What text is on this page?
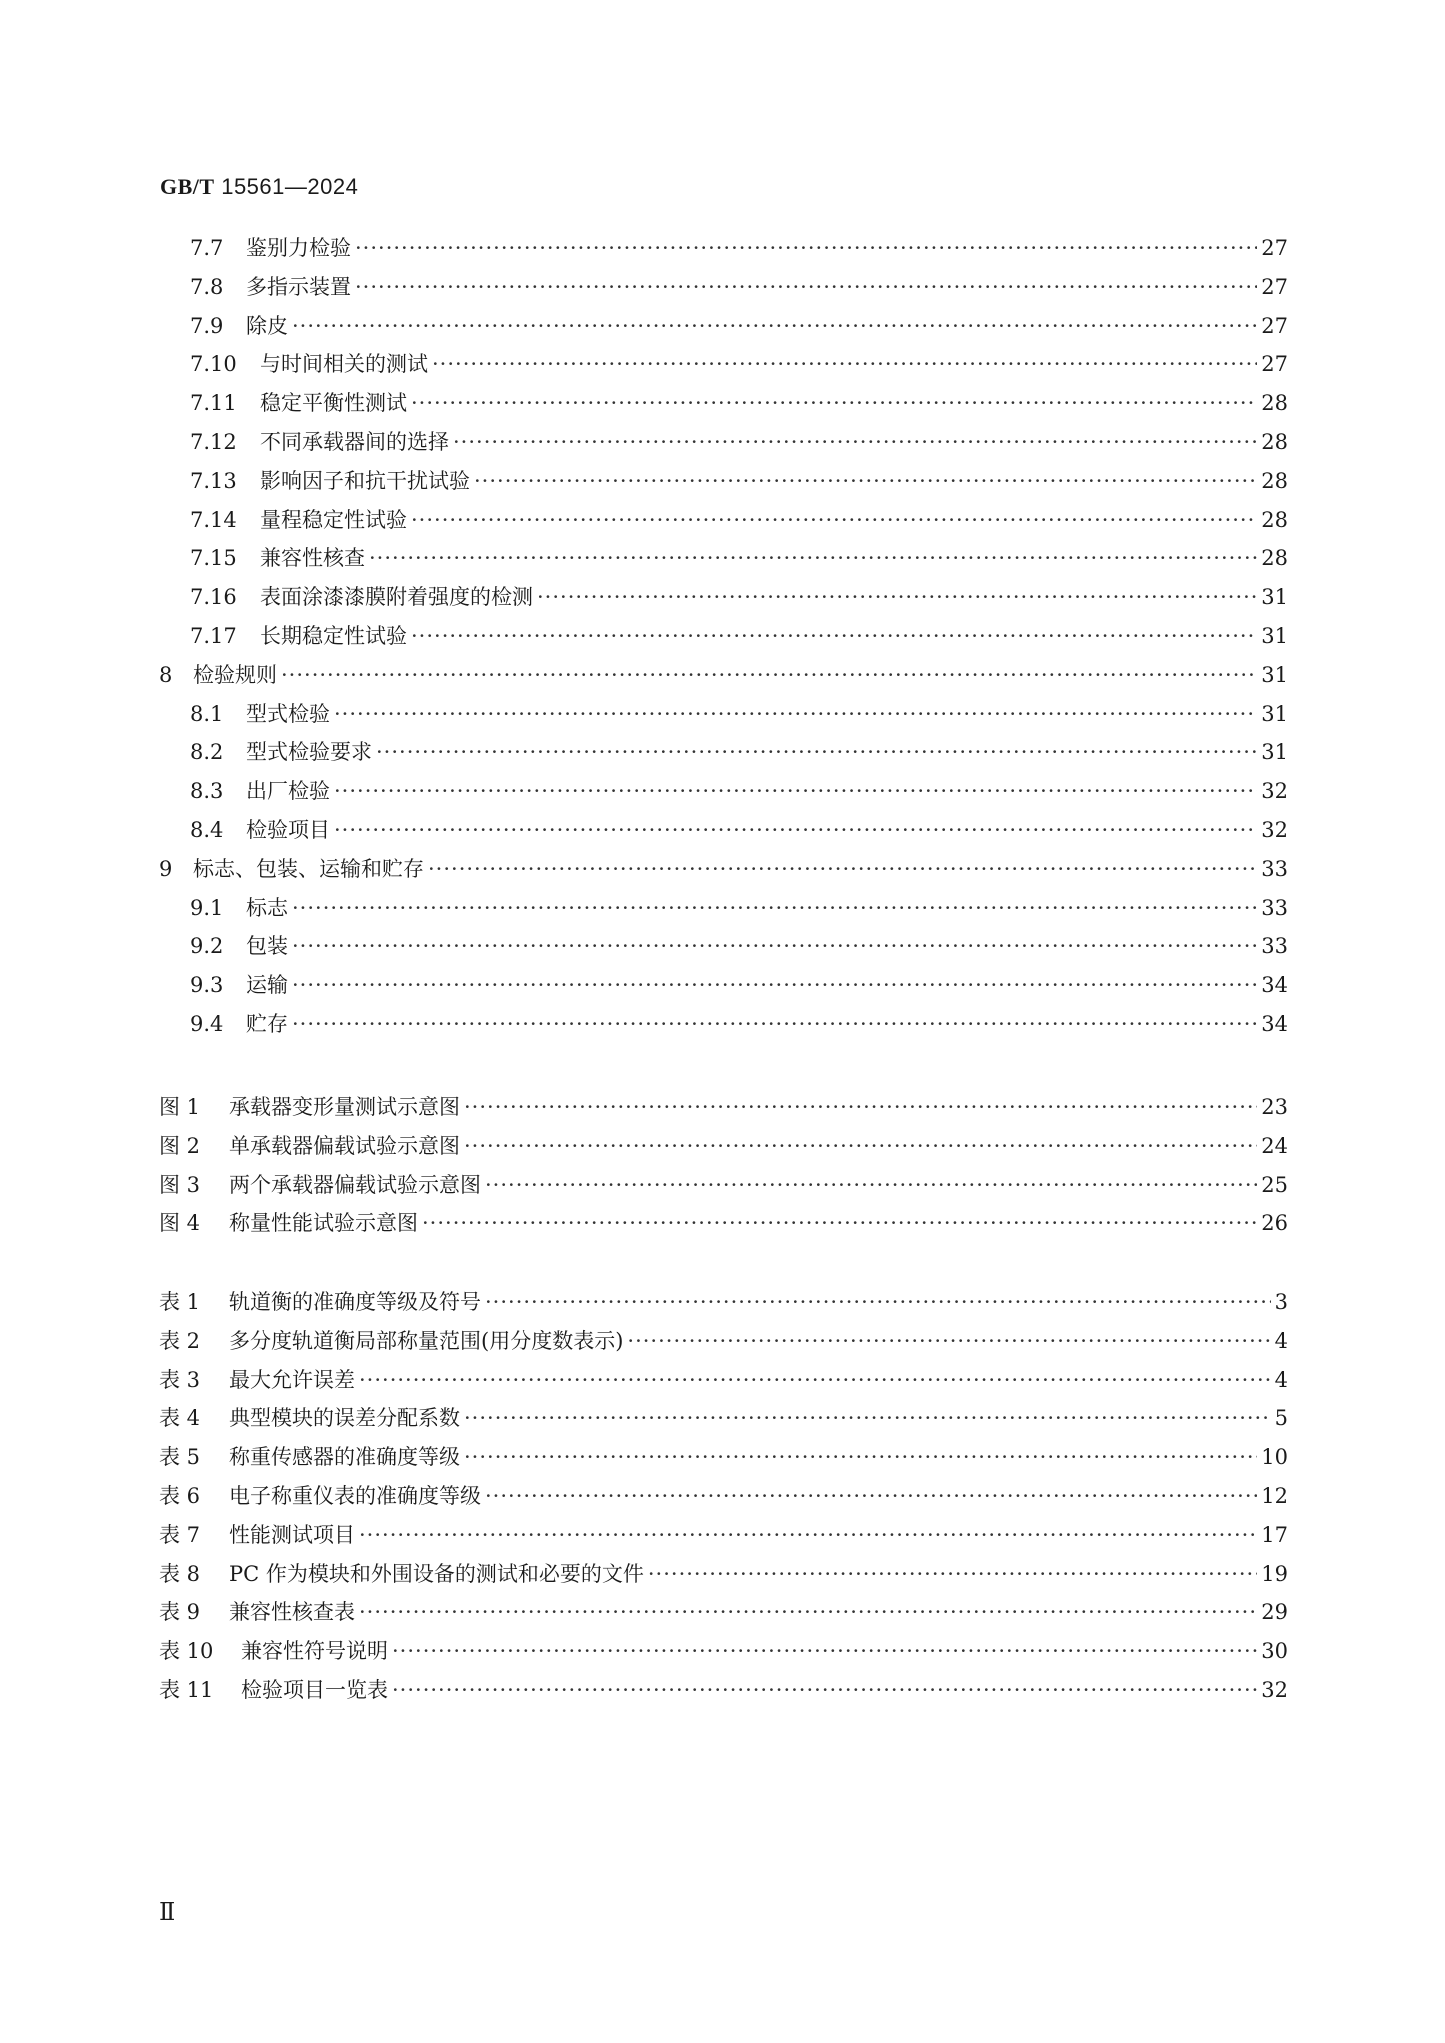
GB/T 15561—2024
7.7	鉴别力检验 ·····	27
7.8	多指示装置 ·····	27
7.9	除皮 ·····	27
7.10	与时间相关的测试 ·····	27
7.11	稳定平衡性测试 ·····	28
7.12	不同承载器间的选择 ·····	28
7.13	影响因子和抗干扰试验 ·····	28
7.14	量程稳定性试验 ·····	28
7.15	兼容性核查 ·····	28
7.16	表面涂漆漆膜附着强度的检测 ·····	31
7.17	长期稳定性试验 ·····	31
8 检验规则 ·····	31
8.1	型式检验 ·····	31
8.2	型式检验要求 ·····	31
8.3	出厂检验 ·····	32
8.4	检验项目 ·····	32
9 标志、包装、运输和贮存 ·····	33
9.1	标志 ·····	33
9.2	包装 ·····	33
9.3	运输 ·····	34
9.4	贮存 ·····	34
图 1	承载器变形量测试示意图 ·····	23
图 2	单承载器偏载试验示意图 ·····	24
图 3	两个承载器偏载试验示意图 ·····	25
图 4	称量性能试验示意图 ·····	26
表 1	轨道衡的准确度等级及符号 ·····	3
表 2	多分度轨道衡局部称量范围(用分度数表示) ·····	4
表 3	最大允许误差 ·····	4
表 4	典型模块的误差分配系数 ·····	5
表 5	称重传感器的准确度等级 ·····	10
表 6	电子称重仪表的准确度等级 ·····	12
表 7	性能测试项目 ·····	17
表 8	PC 作为模块和外围设备的测试和必要的文件 ·····	19
表 9	兼容性核查表 ·····	29
表 10	兼容性符号说明 ·····	30
表 11	检验项目一览表 ·····	32
Ⅱ
